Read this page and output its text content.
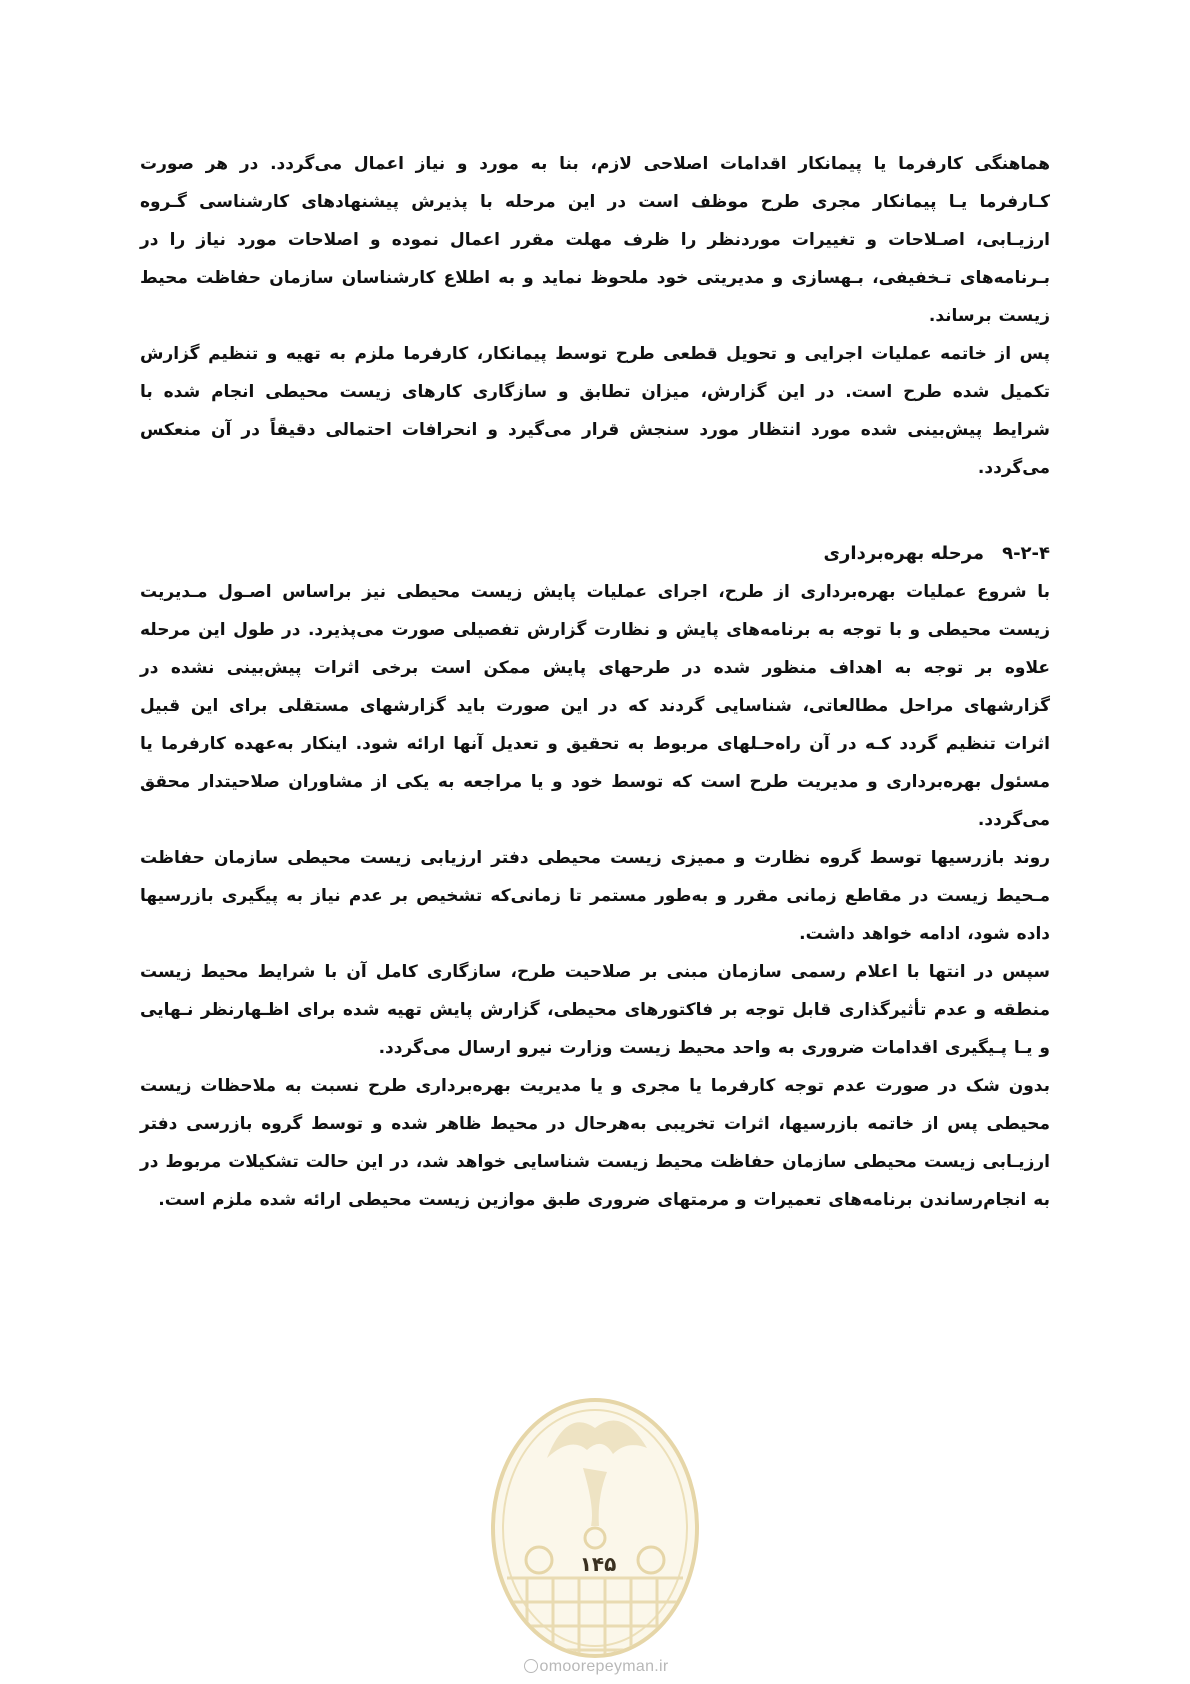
هماهنگی کارفرما یا پیمانکار اقدامات اصلاحی لازم، بنا به مورد و نیاز اعمال می‌گردد. در هر صورت کـارفرما یـا پیمانکار مجری طرح موظف است در این مرحله با پذیرش پیشنهادهای کارشناسی گـروه ارزیـابی، اصـلاحات و تغییرات موردنظر را ظرف مهلت مقرر اعمال نموده و اصلاحات مورد نیاز را در بـرنامه‌های تـخفیفی، بـهسازی و مدیریتی خود ملحوظ نماید و به اطلاع کارشناسان سازمان حفاظت محیط زیست برساند.

پس از خاتمه عملیات اجرایی و تحویل قطعی طرح توسط پیمانکار، کارفرما ملزم به تهیه و تنظیم گزارش تکمیل شده طرح است. در این گزارش، میزان تطابق و سازگاری کارهای زیست محیطی انجام شده با شرایط پیش‌بینی شده مورد انتظار مورد سنجش قرار می‌گیرد و انحرافات احتمالی دقیقاً در آن منعکس می‌گردد.

۹-۲-۴مرحله بهره‌برداری

با شروع عملیات بهره‌برداری از طرح، اجرای عملیات پایش زیست محیطی نیز براساس اصـول مـدیریت زیست محیطی و با توجه به برنامه‌های پایش و نظارت گزارش تفصیلی صورت می‌پذیرد. در طول این مرحله علاوه بر توجه به اهداف منظور شده در طرحهای پایش ممکن است برخی اثرات پیش‌بینی نشده در گزارشهای مراحل مطالعاتی، شناسایی گردند که در این صورت باید گزارشهای مستقلی برای این قبیل اثرات تنظیم گردد کـه در آن راه‌حـلهای مربوط به تحقیق و تعدیل آنها ارائه شود. اینکار به‌عهده کارفرما یا مسئول بهره‌برداری و مدیریت طرح است که توسط خود و یا مراجعه به یکی از مشاوران صلاحیتدار محقق می‌گردد.

روند بازرسیها توسط گروه نظارت و ممیزی زیست محیطی دفتر ارزیابی زیست محیطی سازمان حفاظت مـحیط زیست در مقاطع زمانی مقرر و به‌طور مستمر تا زمانی‌که تشخیص بر عدم نیاز به پیگیری بازرسیها داده شود، ادامه خواهد داشت.

سپس در انتها با اعلام رسمی سازمان مبنی بر صلاحیت طرح، سازگاری کامل آن با شرایط محیط زیست منطقه و عدم تأثیرگذاری قابل توجه بر فاکتورهای محیطی، گزارش پایش تهیه شده برای اظـهارنظر نـهایی و یـا پـیگیری اقدامات ضروری به واحد محیط زیست وزارت نیرو ارسال می‌گردد.

بدون شک در صورت عدم توجه کارفرما یا مجری و یا مدیریت بهره‌برداری طرح نسبت به ملاحظات زیست محیطی پس از خاتمه بازرسیها، اثرات تخریبی به‌هرحال در محیط ظاهر شده و توسط گروه بازرسی دفتر ارزیـابی زیست محیطی سازمان حفاظت محیط زیست شناسایی خواهد شد، در این حالت تشکیلات مربوط در به انجام‌رساندن برنامه‌های تعمیرات و مرمتهای ضروری طبق موازین زیست محیطی ارائه شده ملزم است.

۱۴۵
omoorepeyman.ir
